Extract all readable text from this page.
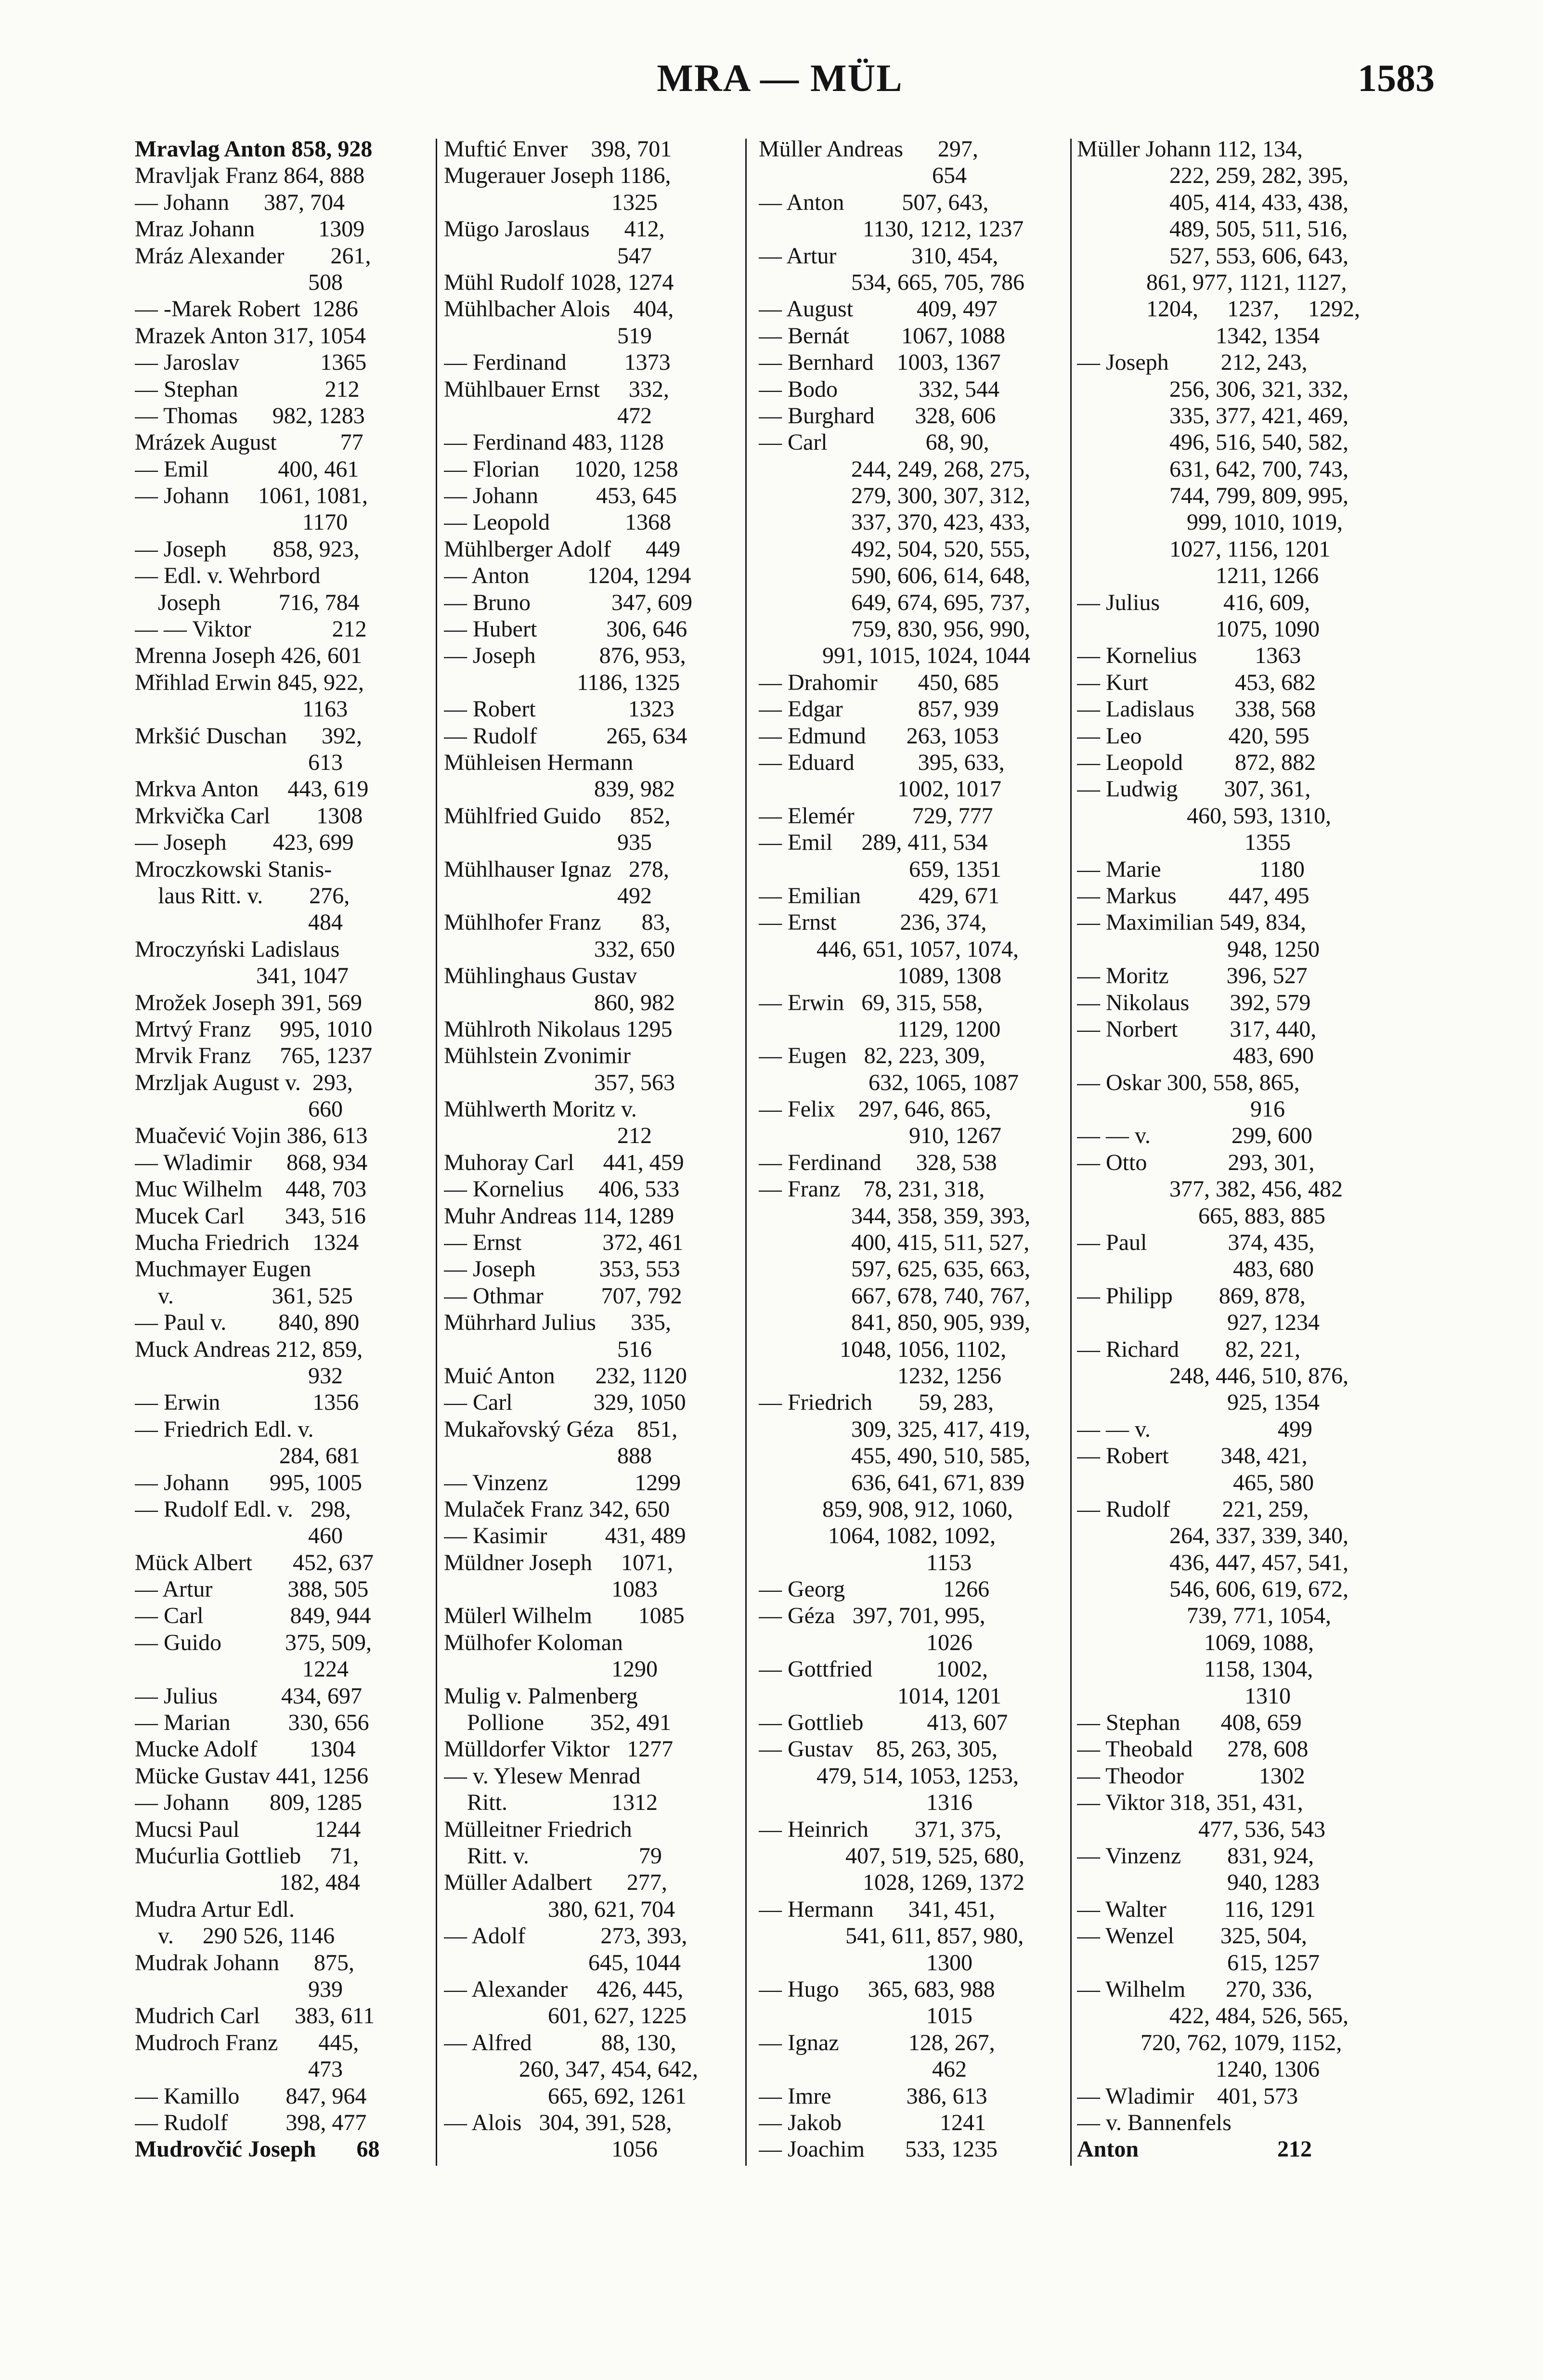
MRA — MÜL	1583
Mravlag Anton 858, 928
Mravljak Franz 864, 888
— Johann      387, 704
Mraz Johann           1309
Mráz Alexander        261,
508
— -Marek Robert  1286
Mrazek Anton 317, 1054
— Jaroslav              1365
— Stephan               212
— Thomas      982, 1283
Mrázek August           77
— Emil            400, 461
— Johann     1061, 1081,
1170
— Joseph        858, 923,
— Edl. v. Wehrbord
Joseph          716, 784
— — Viktor              212
Mrenna Joseph 426, 601
Mřihlad Erwin 845, 922,
1163
Mrkšić Duschan      392,
613
Mrkva Anton     443, 619
Mrkvička Carl        1308
— Joseph        423, 699
Mroczkowski Stanis-
laus Ritt. v.        276,
484
Mroczyński Ladislaus
341, 1047
Mrožek Joseph 391, 569
Mrtvý Franz     995, 1010
Mrvik Franz     765, 1237
Mrzljak August v.  293,
660
Muačević Vojin 386, 613
— Wladimir      868, 934
Muc Wilhelm    448, 703
Mucek Carl       343, 516
Mucha Friedrich    1324
Muchmayer Eugen
v.                 361, 525
— Paul v.         840, 890
Muck Andreas 212, 859,
932
— Erwin                1356
— Friedrich Edl. v.
284, 681
— Johann       995, 1005
— Rudolf Edl. v.   298,
460
Mück Albert       452, 637
— Artur             388, 505
— Carl               849, 944
— Guido           375, 509,
1224
— Julius           434, 697
— Marian          330, 656
Mucke Adolf         1304
Mücke Gustav 441, 1256
— Johann       809, 1285
Mucsi Paul             1244
Mućurlia Gottlieb     71,
182, 484
Mudra Artur Edl.
v.     290 526, 1146
Mudrak Johann      875,
939
Mudrich Carl      383, 611
Mudroch Franz       445,
473
— Kamillo        847, 964
— Rudolf          398, 477
Mudrovčić Joseph       68
Muftić Enver    398, 701
Mugerauer Joseph 1186,
1325
Mügo Jaroslaus      412,
547
Mühl Rudolf 1028, 1274
Mühlbacher Alois    404,
519
— Ferdinand          1373
Mühlbauer Ernst     332,
472
— Ferdinand 483, 1128
— Florian      1020, 1258
— Johann          453, 645
— Leopold             1368
Mühlberger Adolf      449
— Anton          1204, 1294
— Bruno              347, 609
— Hubert            306, 646
— Joseph           876, 953,
1186, 1325
— Robert                1323
— Rudolf            265, 634
Mühleisen Hermann
839, 982
Mühlfried Guido     852,
935
Mühlhauser Ignaz   278,
492
Mühlhofer Franz       83,
332, 650
Mühlinghaus Gustav
860, 982
Mühlroth Nikolaus 1295
Mühlstein Zvonimir
357, 563
Mühlwerth Moritz v.
212
Muhoray Carl     441, 459
— Kornelius      406, 533
Muhr Andreas 114, 1289
— Ernst              372, 461
— Joseph           353, 553
— Othmar          707, 792
Mührhard Julius      335,
516
Muić Anton       232, 1120
— Carl              329, 1050
Mukařovský Géza    851,
888
— Vinzenz               1299
Mulaček Franz 342, 650
— Kasimir          431, 489
Müldner Joseph     1071,
1083
Mülerl Wilhelm        1085
Mülhofer Koloman
1290
Mulig v. Palmenberg
Pollione        352, 491
Mülldorfer Viktor   1277
— v. Ylesew Menrad
Ritt.                  1312
Mülleitner Friedrich
Ritt. v.                   79
Müller Adalbert      277,
380, 621, 704
— Adolf             273, 393,
645, 1044
— Alexander     426, 445,
601, 627, 1225
— Alfred            88, 130,
260, 347, 454, 642,
665, 692, 1261
— Alois   304, 391, 528,
1056
Müller Andreas      297,
654
— Anton          507, 643,
1130, 1212, 1237
— Artur             310, 454,
534, 665, 705, 786
— August           409, 497
— Bernát         1067, 1088
— Bernhard    1003, 1367
— Bodo              332, 544
— Burghard       328, 606
— Carl                 68, 90,
244, 249, 268, 275,
279, 300, 307, 312,
337, 370, 423, 433,
492, 504, 520, 555,
590, 606, 614, 648,
649, 674, 695, 737,
759, 830, 956, 990,
991, 1015, 1024, 1044
— Drahomir       450, 685
— Edgar             857, 939
— Edmund       263, 1053
— Eduard           395, 633,
1002, 1017
— Elemér          729, 777
— Emil     289, 411, 534
659, 1351
— Emilian          429, 671
— Ernst           236, 374,
446, 651, 1057, 1074,
1089, 1308
— Erwin   69, 315, 558,
1129, 1200
— Eugen   82, 223, 309,
632, 1065, 1087
— Felix    297, 646, 865,
910, 1267
— Ferdinand      328, 538
— Franz    78, 231, 318,
344, 358, 359, 393,
400, 415, 511, 527,
597, 625, 635, 663,
667, 678, 740, 767,
841, 850, 905, 939,
1048, 1056, 1102,
1232, 1256
— Friedrich        59, 283,
309, 325, 417, 419,
455, 490, 510, 585,
636, 641, 671, 839
859, 908, 912, 1060,
1064, 1082, 1092,
1153
— Georg                 1266
— Géza   397, 701, 995,
1026
— Gottfried           1002,
1014, 1201
— Gottlieb           413, 607
— Gustav    85, 263, 305,
479, 514, 1053, 1253,
1316
— Heinrich        371, 375,
407, 519, 525, 680,
1028, 1269, 1372
— Hermann      341, 451,
541, 611, 857, 980,
1300
— Hugo     365, 683, 988
1015
— Ignaz            128, 267,
462
— Imre             386, 613
— Jakob                 1241
— Joachim       533, 1235
Müller Johann 112, 134,
222, 259, 282, 395,
405, 414, 433, 438,
489, 505, 511, 516,
527, 553, 606, 643,
861, 977, 1121, 1127,
1204,     1237,     1292,
1342, 1354
— Joseph         212, 243,
256, 306, 321, 332,
335, 377, 421, 469,
496, 516, 540, 582,
631, 642, 700, 743,
744, 799, 809, 995,
999, 1010, 1019,
1027, 1156, 1201
1211, 1266
— Julius           416, 609,
1075, 1090
— Kornelius          1363
— Kurt               453, 682
— Ladislaus       338, 568
— Leo               420, 595
— Leopold         872, 882
— Ludwig        307, 361,
460, 593, 1310,
1355
— Marie                 1180
— Markus         447, 495
— Maximilian 549, 834,
948, 1250
— Moritz          396, 527
— Nikolaus       392, 579
— Norbert         317, 440,
483, 690
— Oskar 300, 558, 865,
916
— — v.              299, 600
— Otto              293, 301,
377, 382, 456, 482
665, 883, 885
— Paul              374, 435,
483, 680
— Philipp        869, 878,
927, 1234
— Richard        82, 221,
248, 446, 510, 876,
925, 1354
— — v.                      499
— Robert         348, 421,
465, 580
— Rudolf         221, 259,
264, 337, 339, 340,
436, 447, 457, 541,
546, 606, 619, 672,
739, 771, 1054,
1069, 1088,
1158, 1304,
1310
— Stephan       408, 659
— Theobald      278, 608
— Theodor             1302
— Viktor 318, 351, 431,
477, 536, 543
— Vinzenz        831, 924,
940, 1283
— Walter          116, 1291
— Wenzel        325, 504,
615, 1257
— Wilhelm       270, 336,
422, 484, 526, 565,
720, 762, 1079, 1152,
1240, 1306
— Wladimir    401, 573
— v. Bannenfels
Anton                        212
